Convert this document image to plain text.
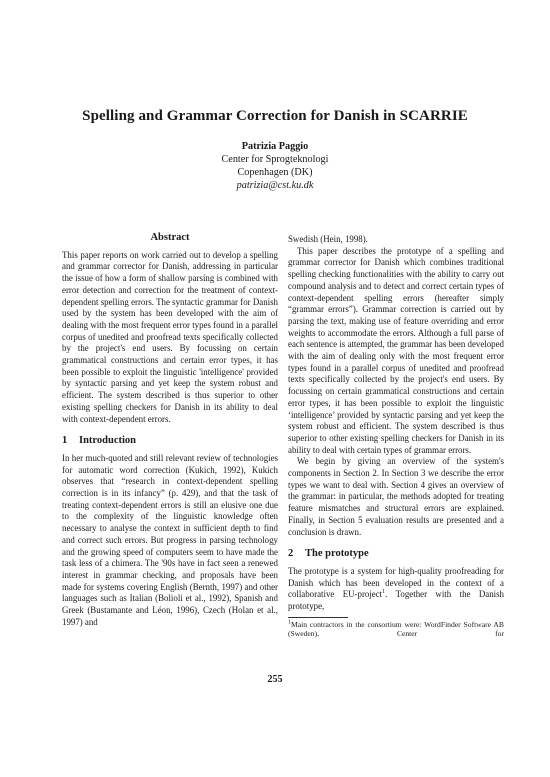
Spelling and Grammar Correction for Danish in SCARRIE
Patrizia Paggio
Center for Sprogteknologi
Copenhagen (DK)
patrizia@cst.ku.dk
Abstract

This paper reports on work carried out to develop a spelling and grammar corrector for Danish, addressing in particular the issue of how a form of shallow parsing is combined with error detection and correction for the treatment of context-dependent spelling errors. The syntactic grammar for Danish used by the system has been developed with the aim of dealing with the most frequent error types found in a parallel corpus of unedited and proofread texts specifically collected by the project's end users. By focussing on certain grammatical constructions and certain error types, it has been possible to exploit the linguistic 'intelligence' provided by syntactic parsing and yet keep the system robust and efficient. The system described is thus superior to other existing spelling checkers for Danish in its ability to deal with context-dependent errors.

1 Introduction

In her much-quoted and still relevant review of technologies for automatic word correction (Kukich, 1992), Kukich observes that “research in context-dependent spelling correction is in its infancy” (p. 429), and that the task of treating context-dependent errors is still an elusive one due to the complexity of the linguistic knowledge often necessary to analyse the context in sufficient depth to find and correct such errors. But progress in parsing technology and the growing speed of computers seem to have made the task less of a chimera. The '90s have in fact seen a renewed interest in grammar checking, and proposals have been made for systems covering English (Bernth, 1997) and other languages such as Italian (Bolioli et al., 1992), Spanish and Greek (Bustamante and Léon, 1996), Czech (Holan et al., 1997) and

Swedish (Hein, 1998).

This paper describes the prototype of a spelling and grammar corrector for Danish which combines traditional spelling checking functionalities with the ability to carry out compound analysis and to detect and correct certain types of context-dependent spelling errors (hereafter simply “grammar errors”). Grammar correction is carried out by parsing the text, making use of feature overriding and error weights to accommodate the errors. Although a full parse of each sentence is attempted, the grammar has been developed with the aim of dealing only with the most frequent error types found in a parallel corpus of unedited and proofread texts specifically collected by the project's end users. By focussing on certain grammatical constructions and certain error types, it has been possible to exploit the linguistic ‘intelligence’ provided by syntactic parsing and yet keep the system robust and efficient. The system described is thus superior to other existing spelling checkers for Danish in its ability to deal with certain types of grammar errors.

We begin by giving an overview of the system's components in Section 2. In Section 3 we describe the error types we want to deal with. Section 4 gives an overview of the grammar: in particular, the methods adopted for treating feature mismatches and structural errors are explained. Finally, in Section 5 evaluation results are presented and a conclusion is drawn.

2 The prototype

The prototype is a system for high-quality proofreading for Danish which has been developed in the context of a collaborative EU-project$^1$. Together with the Danish prototype,

$^1$Main contractors in the consortium were: WordFinder Software AB (Sweden), Center for

255
